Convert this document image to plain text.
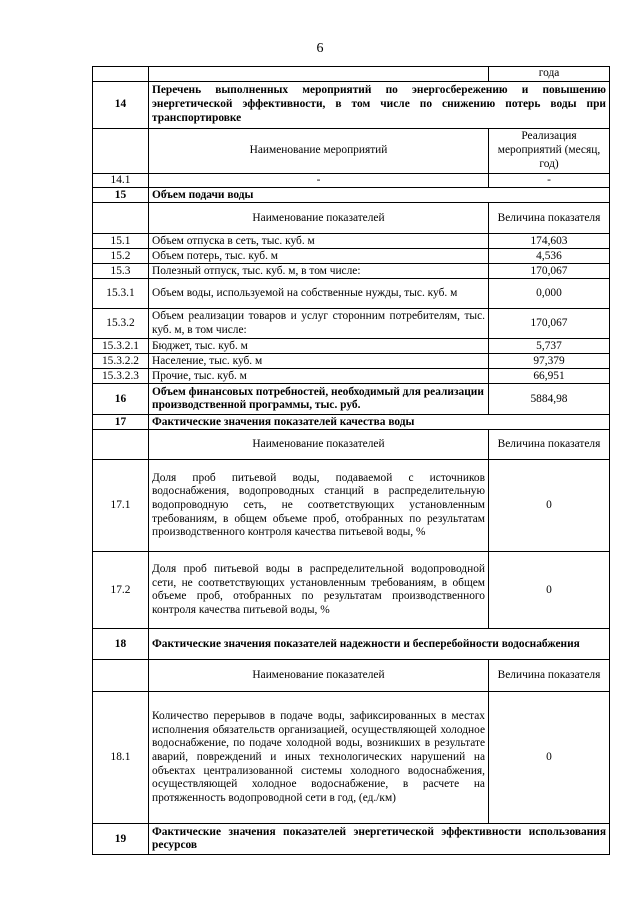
6
		года
14	Перечень выполненных мероприятий по энергосбережению и повышению энергетической эффективности, в том числе по снижению потерь воды при транспортировке	
	Наименование мероприятий	Реализация мероприятий (месяц, год)
14.1	-	-
15	Объем подачи воды	
	Наименование показателей	Величина показателя
15.1	Объем отпуска в сеть, тыс. куб. м	174,603
15.2	Объем потерь, тыс. куб. м	4,536
15.3	Полезный отпуск, тыс. куб. м, в том числе:	170,067
15.3.1	Объем воды, используемой на собственные нужды, тыс. куб. м	0,000
15.3.2	Объем реализации товаров и услуг сторонним потребителям, тыс. куб. м, в том числе:	170,067
15.3.2.1	Бюджет, тыс. куб. м	5,737
15.3.2.2	Население, тыс. куб. м	97,379
15.3.2.3	Прочие, тыс. куб. м	66,951
16	Объем финансовых потребностей, необходимый для реализации производственной программы, тыс. руб.	5884,98
17	Фактические значения показателей качества воды	
	Наименование показателей	Величина показателя
17.1	Доля проб питьевой воды, подаваемой с источников водоснабжения, водопроводных станций в распределительную водопроводную сеть, не соответствующих установленным требованиям, в общем объеме проб, отобранных по результатам производственного контроля качества питьевой воды, %	0
17.2	Доля проб питьевой воды в распределительной водопроводной сети, не соответствующих установленным требованиям, в общем объеме проб, отобранных по результатам производственного контроля качества питьевой воды, %	0
18	Фактические значения показателей надежности и бесперебойности водоснабжения	
	Наименование показателей	Величина показателя
18.1	Количество перерывов в подаче воды, зафиксированных в местах исполнения обязательств организацией, осуществляющей холодное водоснабжение, по подаче холодной воды, возникших в результате аварий, повреждений и иных технологических нарушений на объектах централизованной системы холодного водоснабжения, осуществляющей холодное водоснабжение, в расчете на протяженность водопроводной сети в год, (ед./км)	0
19	Фактические значения показателей энергетической эффективности использования ресурсов	
